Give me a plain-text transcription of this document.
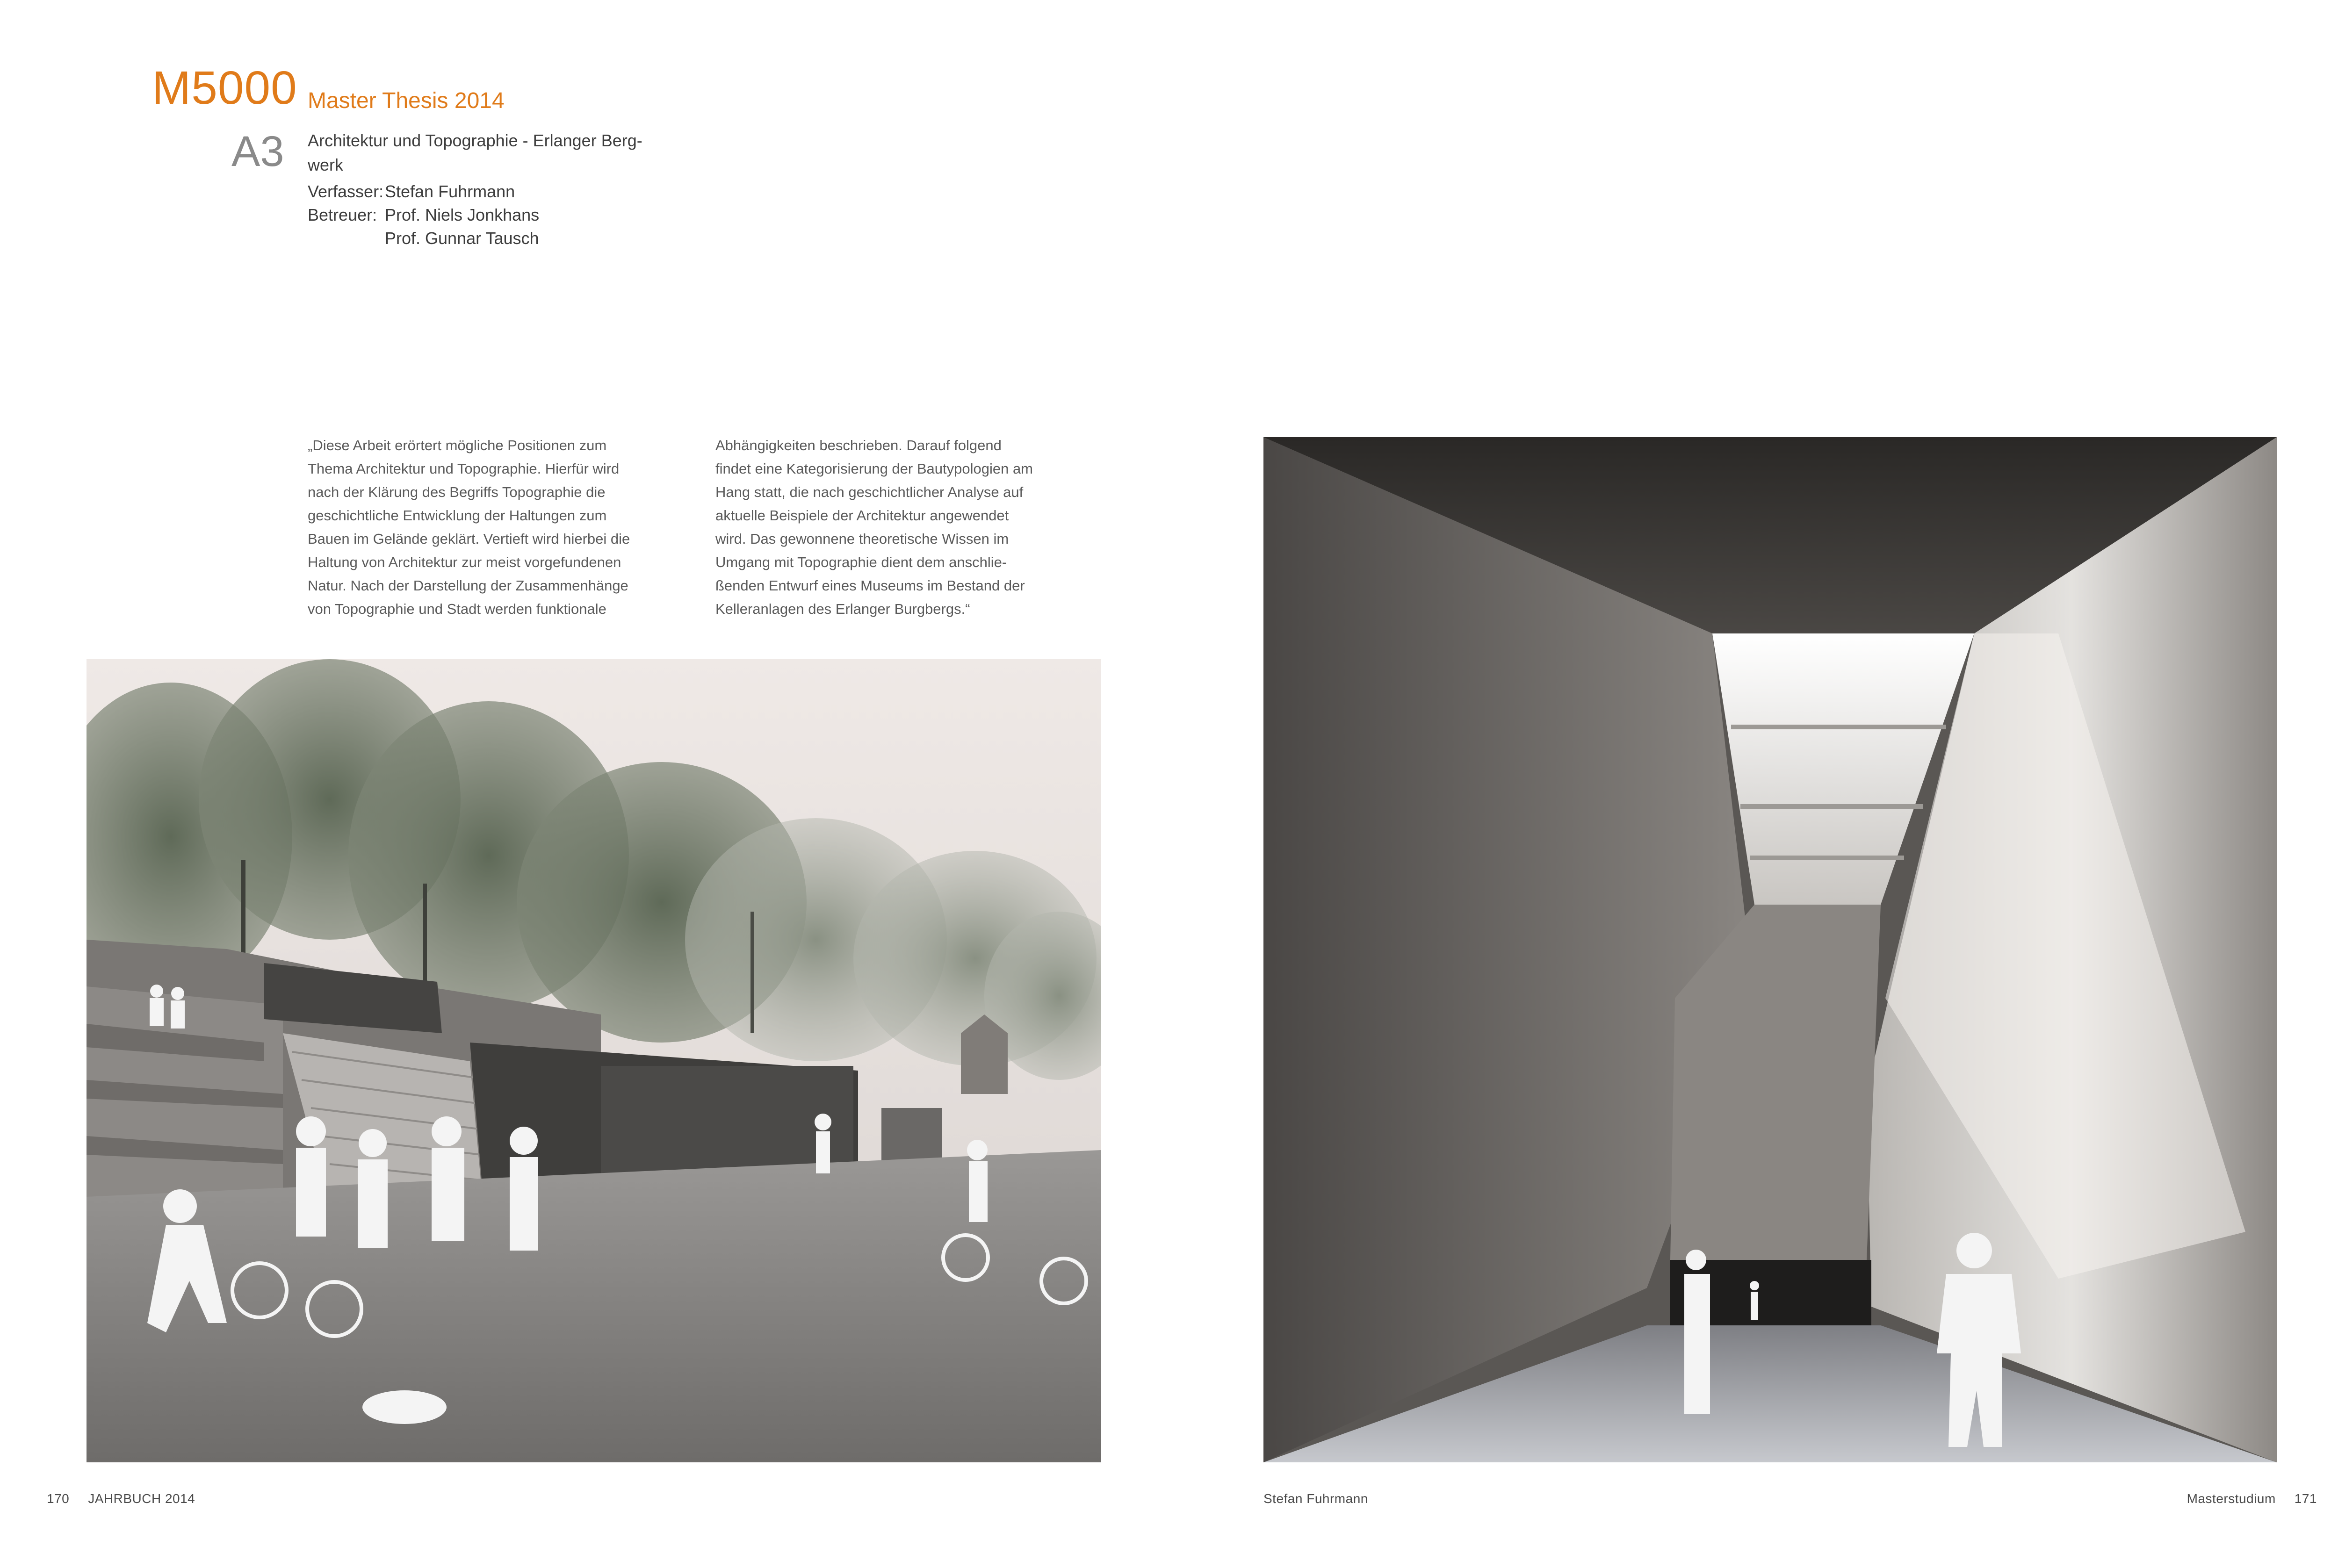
M5000
A3
Master Thesis 2014
Architektur und Topographie - Erlanger Berg-
werk
Verfasser: Stefan Fuhrmann
Betreuer: Prof. Niels Jonkhans
Prof. Gunnar Tausch
„Diese Arbeit erörtert mögliche Positionen zum
Thema Architektur und Topographie. Hierfür wird
nach der Klärung des Begriffs Topographie die
geschichtliche Entwicklung der Haltungen zum
Bauen im Gelände geklärt. Vertieft wird hierbei die
Haltung von Architektur zur meist vorgefundenen
Natur. Nach der Darstellung der Zusammenhänge
von Topographie und Stadt werden funktionale
Abhängigkeiten beschrieben. Darauf folgend
findet eine Kategorisierung der Bautypologien am
Hang statt, die nach geschichtlicher Analyse auf
aktuelle Beispiele der Architektur angewendet
wird. Das gewonnene theoretische Wissen im
Umgang mit Topographie dient dem anschlie-
ßenden Entwurf eines Museums im Bestand der
Kelleranlagen des Erlanger Burgbergs.“
170 JAHRBUCH 2014	Stefan Fuhrmann	Masterstudium 171
